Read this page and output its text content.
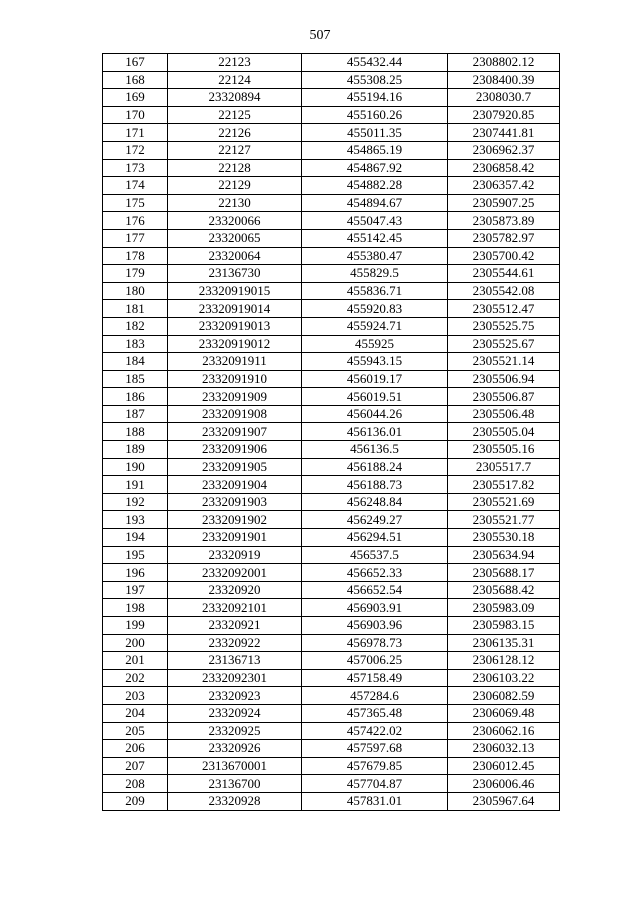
507
167	22123	455432.44	2308802.12
168	22124	455308.25	2308400.39
169	23320894	455194.16	2308030.7
170	22125	455160.26	2307920.85
171	22126	455011.35	2307441.81
172	22127	454865.19	2306962.37
173	22128	454867.92	2306858.42
174	22129	454882.28	2306357.42
175	22130	454894.67	2305907.25
176	23320066	455047.43	2305873.89
177	23320065	455142.45	2305782.97
178	23320064	455380.47	2305700.42
179	23136730	455829.5	2305544.61
180	23320919015	455836.71	2305542.08
181	23320919014	455920.83	2305512.47
182	23320919013	455924.71	2305525.75
183	23320919012	455925	2305525.67
184	2332091911	455943.15	2305521.14
185	2332091910	456019.17	2305506.94
186	2332091909	456019.51	2305506.87
187	2332091908	456044.26	2305506.48
188	2332091907	456136.01	2305505.04
189	2332091906	456136.5	2305505.16
190	2332091905	456188.24	2305517.7
191	2332091904	456188.73	2305517.82
192	2332091903	456248.84	2305521.69
193	2332091902	456249.27	2305521.77
194	2332091901	456294.51	2305530.18
195	23320919	456537.5	2305634.94
196	2332092001	456652.33	2305688.17
197	23320920	456652.54	2305688.42
198	2332092101	456903.91	2305983.09
199	23320921	456903.96	2305983.15
200	23320922	456978.73	2306135.31
201	23136713	457006.25	2306128.12
202	2332092301	457158.49	2306103.22
203	23320923	457284.6	2306082.59
204	23320924	457365.48	2306069.48
205	23320925	457422.02	2306062.16
206	23320926	457597.68	2306032.13
207	2313670001	457679.85	2306012.45
208	23136700	457704.87	2306006.46
209	23320928	457831.01	2305967.64
